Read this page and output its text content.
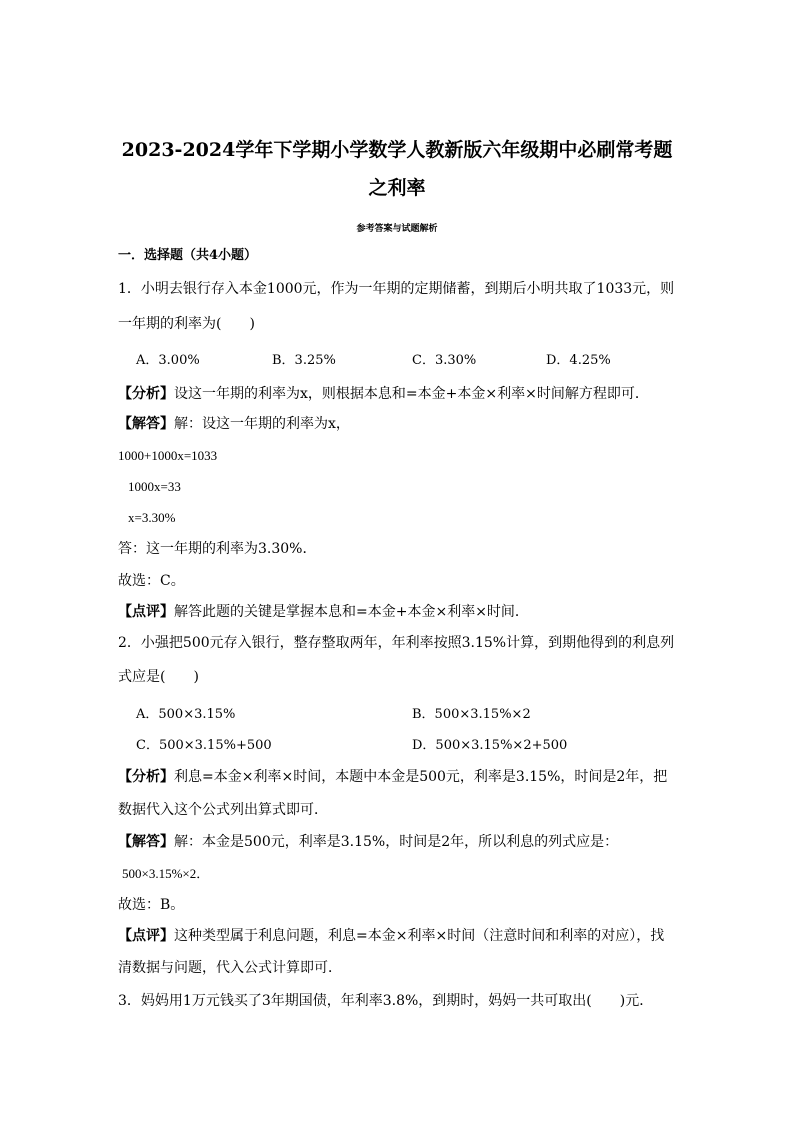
2023-2024学年下学期小学数学人教新版六年级期中必刷常考题
之利率
参考答案与试题解析
一．选择题（共4小题）
1．小明去银行存入本金1000元，作为一年期的定期储蓄，到期后小明共取了1033元，则
一年期的利率为(　　)
A．3.00%	B．3.25%	C．3.30%	D．4.25%
【分析】设这一年期的利率为x，则根据本息和=本金+本金×利率×时间解方程即可．
【解答】解：设这一年期的利率为x，
1000+1000x=1033
1000x=33
x=3.30%
答：这一年期的利率为3.30%．
故选：C。
【点评】解答此题的关键是掌握本息和=本金+本金×利率×时间．
2．小强把500元存入银行，整存整取两年，年利率按照3.15%计算，到期他得到的利息列
式应是(　　)
A．500×3.15%	B．500×3.15%×2
C．500×3.15%+500	D．500×3.15%×2+500
【分析】利息=本金×利率×时间，本题中本金是500元，利率是3.15%，时间是2年，把
数据代入这个公式列出算式即可．
【解答】解：本金是500元，利率是3.15%，时间是2年，所以利息的列式应是：
500×3.15%×2．
故选：B。
【点评】这种类型属于利息问题，利息=本金×利率×时间（注意时间和利率的对应），找
清数据与问题，代入公式计算即可．
3．妈妈用1万元钱买了3年期国债，年利率3.8%，到期时，妈妈一共可取出(　　)元．
